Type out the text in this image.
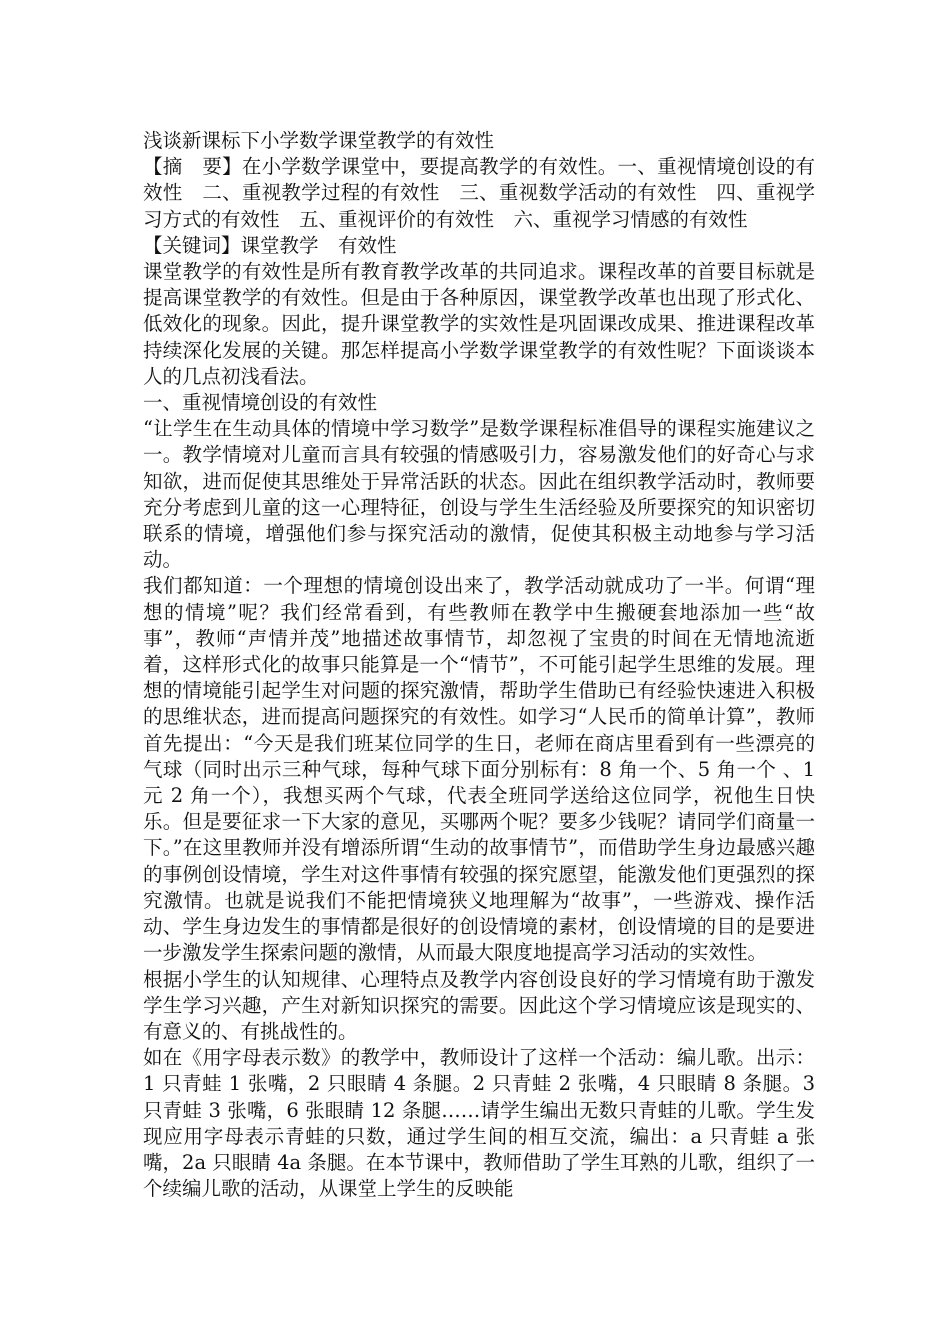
浅谈新课标下小学数学课堂教学的有效性

【摘　要】在小学数学课堂中，要提高教学的有效性。一、重视情境创设的有效性　二、重视教学过程的有效性　三、重视数学活动的有效性　四、重视学习方式的有效性　五、重视评价的有效性　六、重视学习情感的有效性

【关键词】课堂教学　有效性

课堂教学的有效性是所有教育教学改革的共同追求。课程改革的首要目标就是提高课堂教学的有效性。但是由于各种原因，课堂教学改革也出现了形式化、低效化的现象。因此，提升课堂教学的实效性是巩固课改成果、推进课程改革持续深化发展的关键。那怎样提高小学数学课堂教学的有效性呢？下面谈谈本人的几点初浅看法。

一、重视情境创设的有效性

“让学生在生动具体的情境中学习数学”是数学课程标准倡导的课程实施建议之一。教学情境对儿童而言具有较强的情感吸引力，容易激发他们的好奇心与求知欲，进而促使其思维处于异常活跃的状态。因此在组织教学活动时，教师要充分考虑到儿童的这一心理特征，创设与学生生活经验及所要探究的知识密切联系的情境，增强他们参与探究活动的激情，促使其积极主动地参与学习活动。

我们都知道：一个理想的情境创设出来了，教学活动就成功了一半。何谓“理想的情境”呢？我们经常看到，有些教师在教学中生搬硬套地添加一些“故事”，教师“声情并茂”地描述故事情节，却忽视了宝贵的时间在无情地流逝着，这样形式化的故事只能算是一个“情节”，不可能引起学生思维的发展。理想的情境能引起学生对问题的探究激情，帮助学生借助已有经验快速进入积极的思维状态，进而提高问题探究的有效性。如学习“人民币的简单计算”，教师首先提出：“今天是我们班某位同学的生日，老师在商店里看到有一些漂亮的气球（同时出示三种气球，每种气球下面分别标有：8 角一个、5 角一个 、1 元 2 角一个），我想买两个气球，代表全班同学送给这位同学，祝他生日快乐。但是要征求一下大家的意见，买哪两个呢？要多少钱呢？请同学们商量一下。”在这里教师并没有增添所谓“生动的故事情节”，而借助学生身边最感兴趣的事例创设情境，学生对这件事情有较强的探究愿望，能激发他们更强烈的探究激情。也就是说我们不能把情境狭义地理解为“故事”，一些游戏、操作活动、学生身边发生的事情都是很好的创设情境的素材，创设情境的目的是要进一步激发学生探索问题的激情，从而最大限度地提高学习活动的实效性。

根据小学生的认知规律、心理特点及教学内容创设良好的学习情境有助于激发学生学习兴趣，产生对新知识探究的需要。因此这个学习情境应该是现实的、有意义的、有挑战性的。

如在《用字母表示数》的教学中，教师设计了这样一个活动：编儿歌。出示：1 只青蛙 1 张嘴，2 只眼睛 4 条腿。2 只青蛙 2 张嘴，4 只眼睛 8 条腿。3 只青蛙 3 张嘴，6 张眼睛 12 条腿……请学生编出无数只青蛙的儿歌。学生发现应用字母表示青蛙的只数，通过学生间的相互交流，编出：a 只青蛙 a 张嘴，2a 只眼睛 4a 条腿。在本节课中，教师借助了学生耳熟的儿歌，组织了一个续编儿歌的活动，从课堂上学生的反映能
